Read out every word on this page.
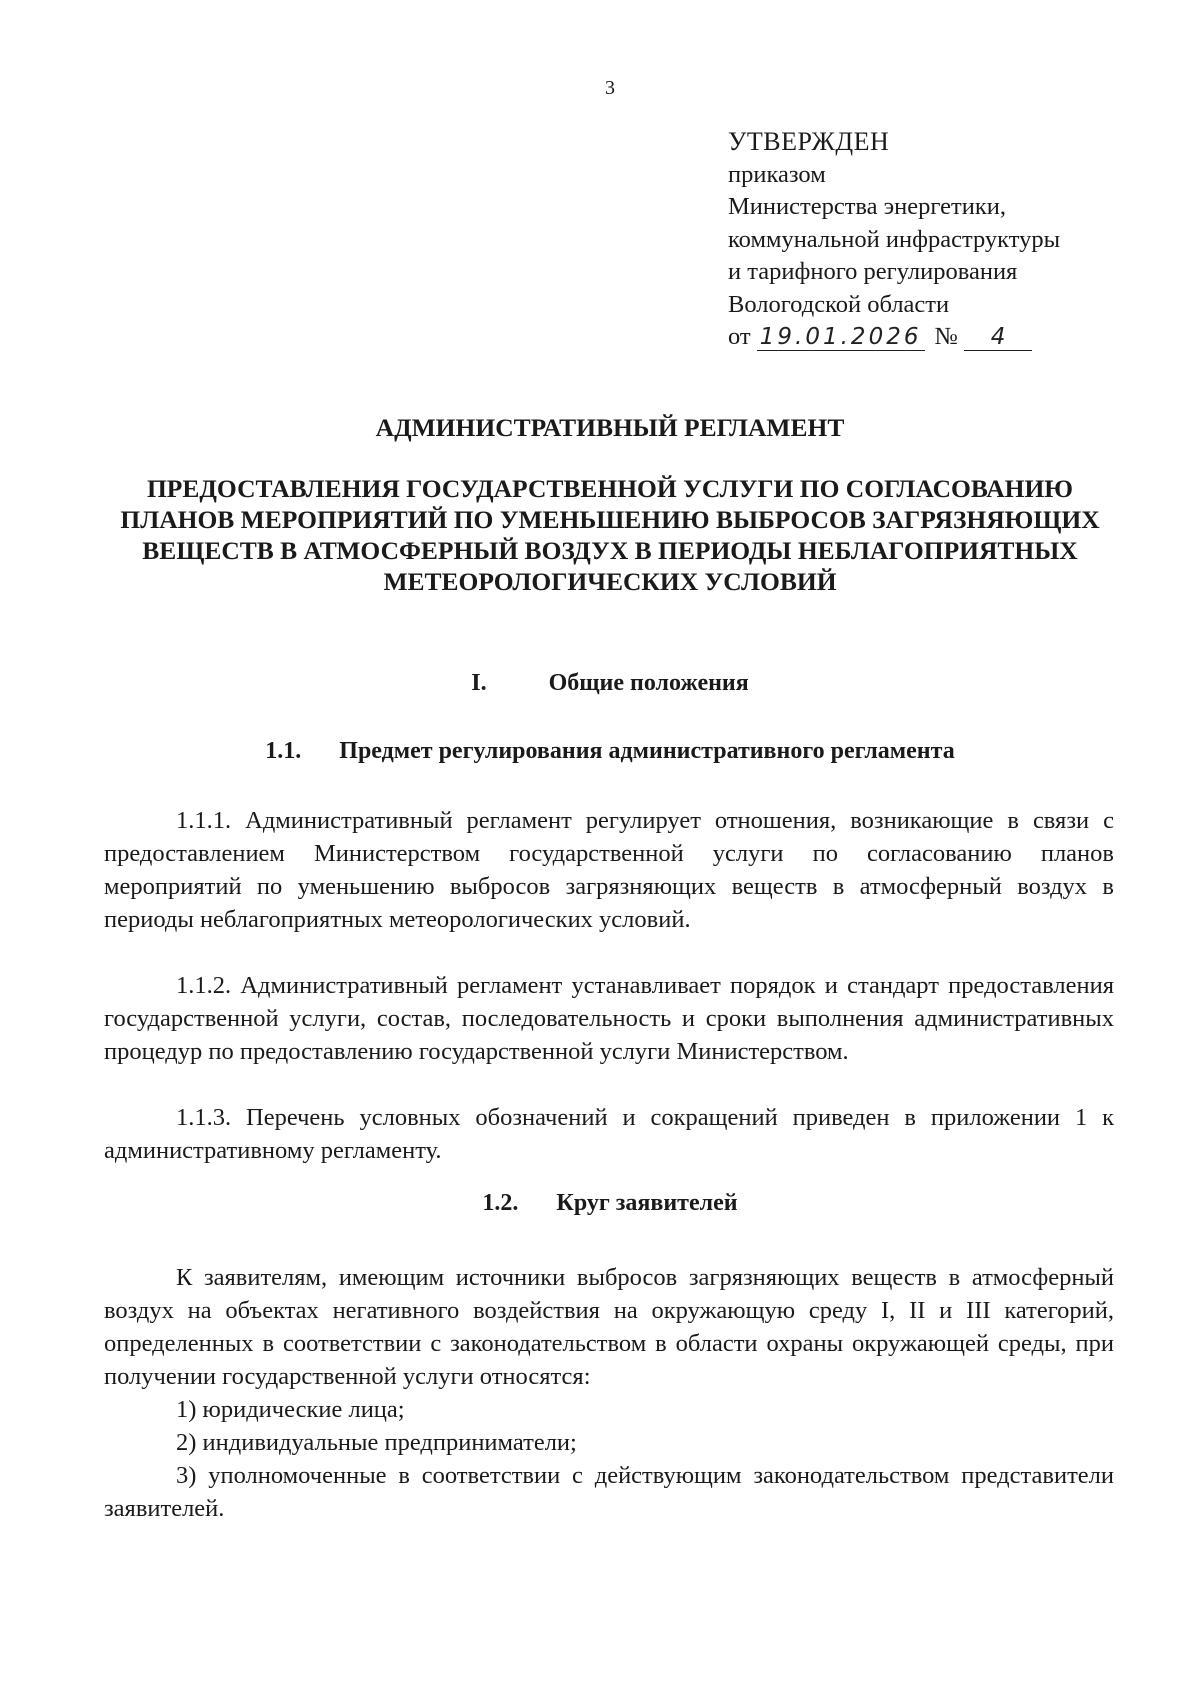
3
УТВЕРЖДЕН
приказом
Министерства энергетики,
коммунальной инфраструктуры
и тарифного регулирования
Вологодской области
от 19.01.2026 № 4
АДМИНИСТРАТИВНЫЙ РЕГЛАМЕНТ
ПРЕДОСТАВЛЕНИЯ ГОСУДАРСТВЕННОЙ УСЛУГИ ПО СОГЛАСОВАНИЮ ПЛАНОВ МЕРОПРИЯТИЙ ПО УМЕНЬШЕНИЮ ВЫБРОСОВ ЗАГРЯЗНЯЮЩИХ ВЕЩЕСТВ В АТМОСФЕРНЫЙ ВОЗДУХ В ПЕРИОДЫ НЕБЛАГОПРИЯТНЫХ МЕТЕОРОЛОГИЧЕСКИХ УСЛОВИЙ
I.	Общие положения
1.1. Предмет регулирования административного регламента

1.1.1. Административный регламент регулирует отношения, возникающие в связи с предоставлением Министерством государственной услуги по согласованию планов мероприятий по уменьшению выбросов загрязняющих веществ в атмосферный воздух в периоды неблагоприятных метеорологических условий.

1.1.2. Административный регламент устанавливает порядок и стандарт предоставления государственной услуги, состав, последовательность и сроки выполнения административных процедур по предоставлению государственной услуги Министерством.

1.1.3. Перечень условных обозначений и сокращений приведен в приложении 1 к административному регламенту.

1.2. Круг заявителей

К заявителям, имеющим источники выбросов загрязняющих веществ в атмосферный воздух на объектах негативного воздействия на окружающую среду I, II и III категорий, определенных в соответствии с законодательством в области охраны окружающей среды, при получении государственной услуги относятся:

1) юридические лица;

2) индивидуальные предприниматели;

3) уполномоченные в соответствии с действующим законодательством представители заявителей.
